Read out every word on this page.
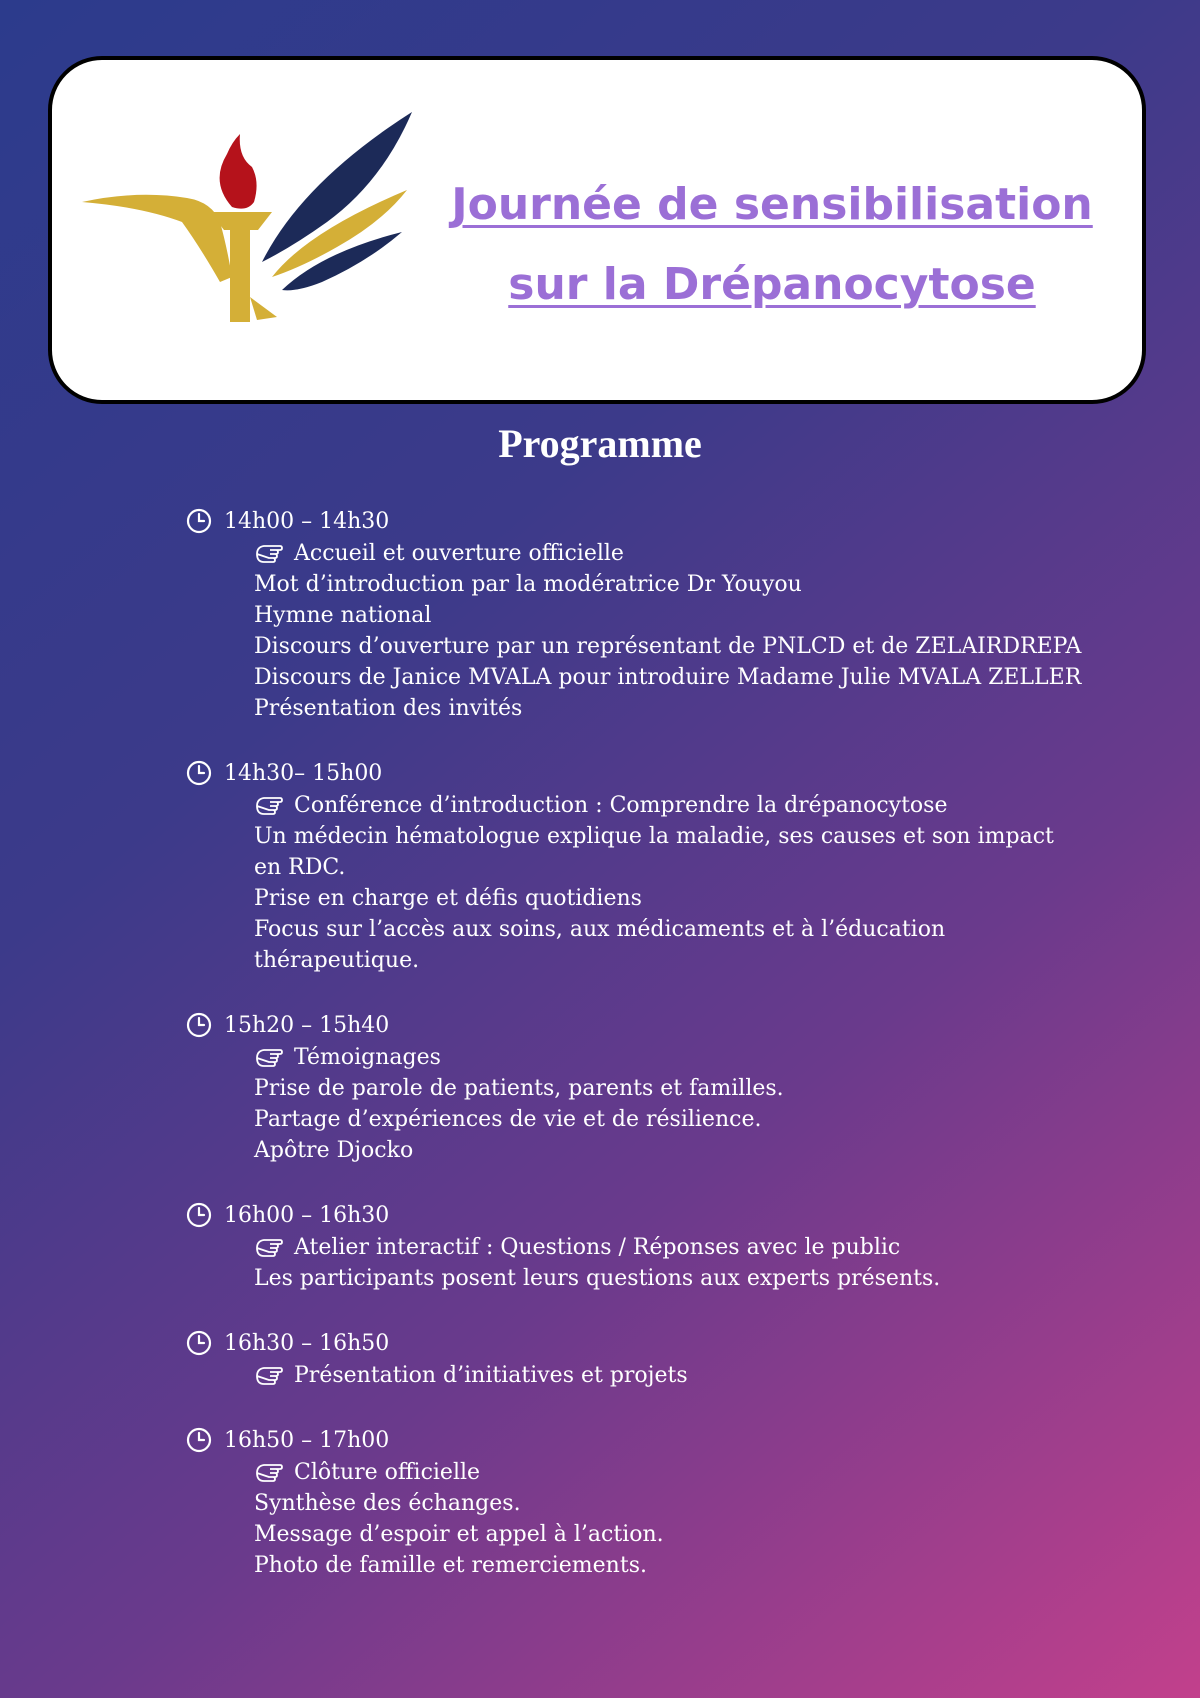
Journée de sensibilisation sur la Drépanocytose
Programme
14h00 – 14h30
Accueil et ouverture officielle
Mot d’introduction par la modératrice Dr Youyou
Hymne national
Discours d’ouverture par un représentant de PNLCD et de ZELAIRDREPA
Discours de Janice MVALA pour introduire Madame Julie MVALA ZELLER
Présentation des invités
14h30– 15h00
Conférence d’introduction : Comprendre la drépanocytose
Un médecin hématologue explique la maladie, ses causes et son impact en RDC.
Prise en charge et défis quotidiens
Focus sur l’accès aux soins, aux médicaments et à l’éducation thérapeutique.
15h20 – 15h40
Témoignages
Prise de parole de patients, parents et familles.
Partage d’expériences de vie et de résilience.
Apôtre Djocko
16h00 – 16h30
Atelier interactif : Questions / Réponses avec le public
Les participants posent leurs questions aux experts présents.
16h30 – 16h50
Présentation d’initiatives et projets
16h50 – 17h00
Clôture officielle
Synthèse des échanges.
Message d’espoir et appel à l’action.
Photo de famille et remerciements.
